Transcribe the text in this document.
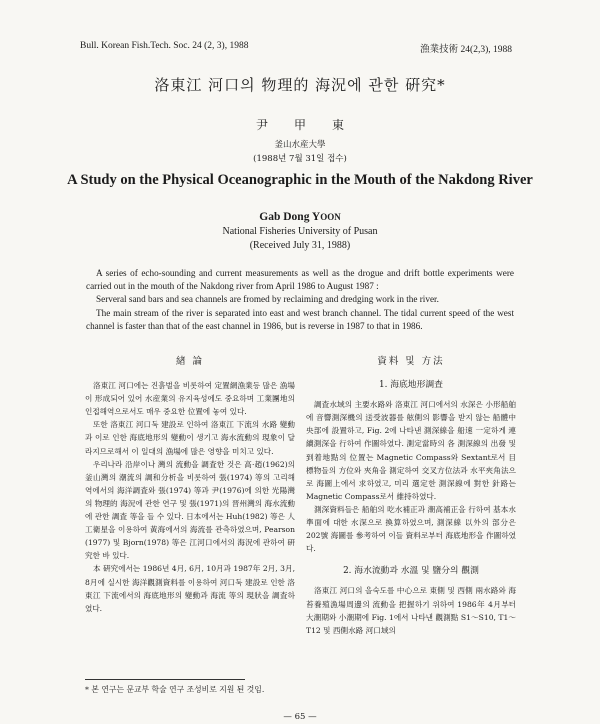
Bull. Korean Fish.Tech. Soc. 24 (2, 3), 1988	漁業技術 24(2,3), 1988
洛東江 河口의 物理的 海況에 관한 硏究*
尹甲東
釜山水産大學
(1988년 7월 31일 접수)
A Study on the Physical Oceanographic in the Mouth of the Nakdong River
Gab Dong YOON
National Fisheries University of Pusan
(Received July 31, 1988)

A series of echo-sounding and current measurements as well as the drogue and drift bottle experiments were carried out in the mouth of the Nakdong river from April 1986 to August 1987 :

Serveral sand bars and sea channels are fromed by reclaiming and dredging work in the river.

The main stream of the river is separated into east and west branch channel. The tidal current speed of the west channel is faster than that of the east channel in 1986, but is reverse in 1987 to that in 1986.

緖 論

洛東江 河口에는 진흙벌을 비롯하여 定置網漁業등 많은 漁場이 形成되어 있어 水産業의 유지육성에도 중요하며 工業團地의 인접해역으로서도 매우 중요한 位置에 놓여 있다.

또한 洛東江 河口둑 建設로 인하여 洛東江 下流의 水路 變動과 이로 인한 海底地形의 變動이 생기고 海水流動의 現象이 달라지므로해서 이 일대의 漁場에 많은 영향을 미치고 있다.

우리나라 沿岸이나 灣의 流動을 調査한 것은 高·趙(1962)의 釜山灣의 潮流의 調和分析을 비롯하여 張(1974) 等의 고리해역에서의 海洋調査와 張(1974) 等과 尹(1976)에 의한 光陽灣의 物理的 海況에 관한 연구 및 張(1971)의 晋州灣의 海水流動에 관한 調査 等을 들 수 있다. 日本에서는 Huh(1982) 等은 人工衛星을 이용하여 黃海에서의 海流를 관측하였으며, Pearson (1977) 및 Bjorn(1978) 等은 江河口에서의 海況에 관하여 硏究한 바 있다.

本 硏究에서는 1986년 4月, 6月, 10月과 1987年 2月, 3月, 8月에 실시한 海洋觀測資料를 이용하여 河口둑 建設로 인한 洛東江 下流에서의 海底地形의 變動과 海流 等의 現狀을 調査하였다.

資料 및 方法
1. 海底地形調査

調査水域의 主要水路와 洛東江 河口에서의 水深은 小形船舶에 音響測深機의 送受波器를 舷側의 影響을 받지 않는 船體中央部에 設置하고, Fig. 2에 나타낸 測深線을 船速 一定하게 連續測深을 行하여 作圖하였다. 測定當時의 各 測深線의 出發 및 到着地點의 位置는 Magnetic Compass와 Sextant로서 目標物들의 方位와 夾角을 測定하여 交叉方位法과 水平夾角法으로 海圖上에서 求하였고, 미리 選定한 測深線에 對한 針路는 Magnetic Compass로서 維持하였다.

測深資料들은 船舶의 吃水補正과 潮高補正을 行하여 基本水準面에 대한 水深으로 換算하였으며, 測深線 以外의 部分은 202號 海圖를 參考하여 이들 資料로부터 海底地形을 作圖하였다.

2. 海水流動과 水溫 및 鹽分의 觀測

洛東江 河口의 을숙도를 中心으로 東側 및 西側 兩水路와 海苔養殖漁場周邊의 流動을 把握하기 위하여 1986年 4月부터 大潮期와 小潮期에 Fig. 1에서 나타낸 觀測點 S1～S10, T1～T12 및 西側水路 河口域의

* 본 연구는 문교부 학술 연구 조성비로 지원 된 것임.
— 65 —
